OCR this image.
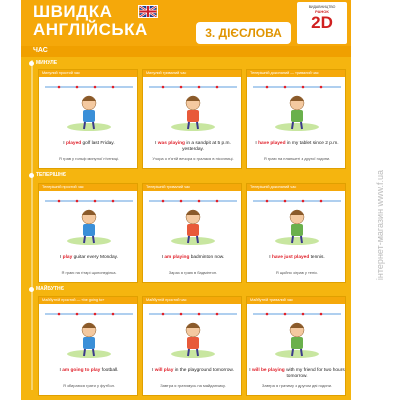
ШВИДКА
АНГЛІЙСЬКА	3. ДІЄСЛОВА
ВИДАВНИЦТВО
РАНОК
2D
ЧАС
МИНУЛЕ
ТЕПЕРІШНЄ
МАЙБУТНЄ
Минулий простий час
I played golf last Friday.
Я грав у гольф минулої п'ятниці.
Минулий тривалий час
I was playing in a sandpit at 5 p.m. yesterday.
Учора о п'ятій вечора я гралася в пісочниці.
Теперішній доконаний — тривалий час
I have played in my tablet since 2 p.m.
Я граю на планшеті з другої години.
Теперішній простий час
I play guitar every Monday.
Я граю на гітарі щопонеділка.
Теперішній тривалий час
I am playing badminton now.
Зараз я граю в бадмінтон.
Теперішній доконаний час
I have just played tennis.
Я щойно зіграв у теніс.
Майбутній простий — «be going to»
I am going to play football.
Я збираюся грати у футбол.
Майбутній простий час
I will play in the playground tomorrow.
Завтра я гратимусь на майданчику.
Майбутній тривалий час
I will be playing with my friend for two hours tomorrow.
Завтра я гратиму з другом дві години.
інтернет-магазин www.f.ua
